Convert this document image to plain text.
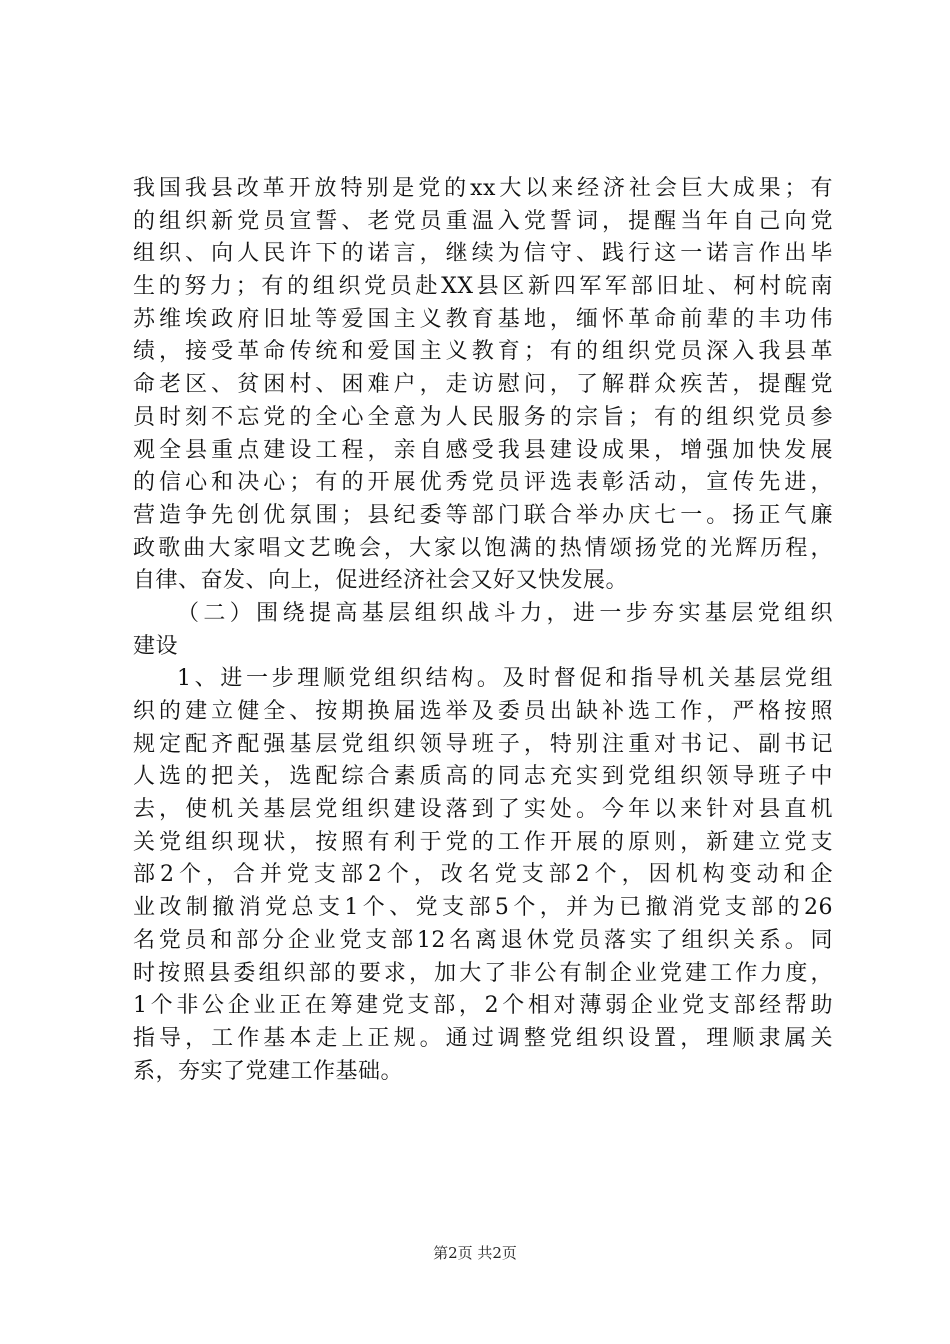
我国我县改革开放特别是党的xx大以来经济社会巨大成果；有
的组织新党员宣誓、老党员重温入党誓词，提醒当年自己向党
组织、向人民许下的诺言，继续为信守、践行这一诺言作出毕
生的努力；有的组织党员赴XX县区新四军军部旧址、柯村皖南
苏维埃政府旧址等爱国主义教育基地，缅怀革命前辈的丰功伟
绩，接受革命传统和爱国主义教育；有的组织党员深入我县革
命老区、贫困村、困难户，走访慰问，了解群众疾苦，提醒党
员时刻不忘党的全心全意为人民服务的宗旨；有的组织党员参
观全县重点建设工程，亲自感受我县建设成果，增强加快发展
的信心和决心；有的开展优秀党员评选表彰活动，宣传先进，
营造争先创优氛围；县纪委等部门联合举办庆七一。扬正气廉
政歌曲大家唱文艺晚会，大家以饱满的热情颂扬党的光辉历程，
自律、奋发、向上，促进经济社会又好又快发展。
（二）围绕提高基层组织战斗力，进一步夯实基层党组织
建设
1、进一步理顺党组织结构。及时督促和指导机关基层党组
织的建立健全、按期换届选举及委员出缺补选工作，严格按照
规定配齐配强基层党组织领导班子，特别注重对书记、副书记
人选的把关，选配综合素质高的同志充实到党组织领导班子中
去，使机关基层党组织建设落到了实处。今年以来针对县直机
关党组织现状，按照有利于党的工作开展的原则，新建立党支
部2个，合并党支部2个，改名党支部2个，因机构变动和企
业改制撤消党总支1个、党支部5个，并为已撤消党支部的26
名党员和部分企业党支部12名离退休党员落实了组织关系。同
时按照县委组织部的要求，加大了非公有制企业党建工作力度，
1个非公企业正在筹建党支部，2个相对薄弱企业党支部经帮助
指导，工作基本走上正规。通过调整党组织设置，理顺隶属关
系，夯实了党建工作基础。
第2页 共2页
